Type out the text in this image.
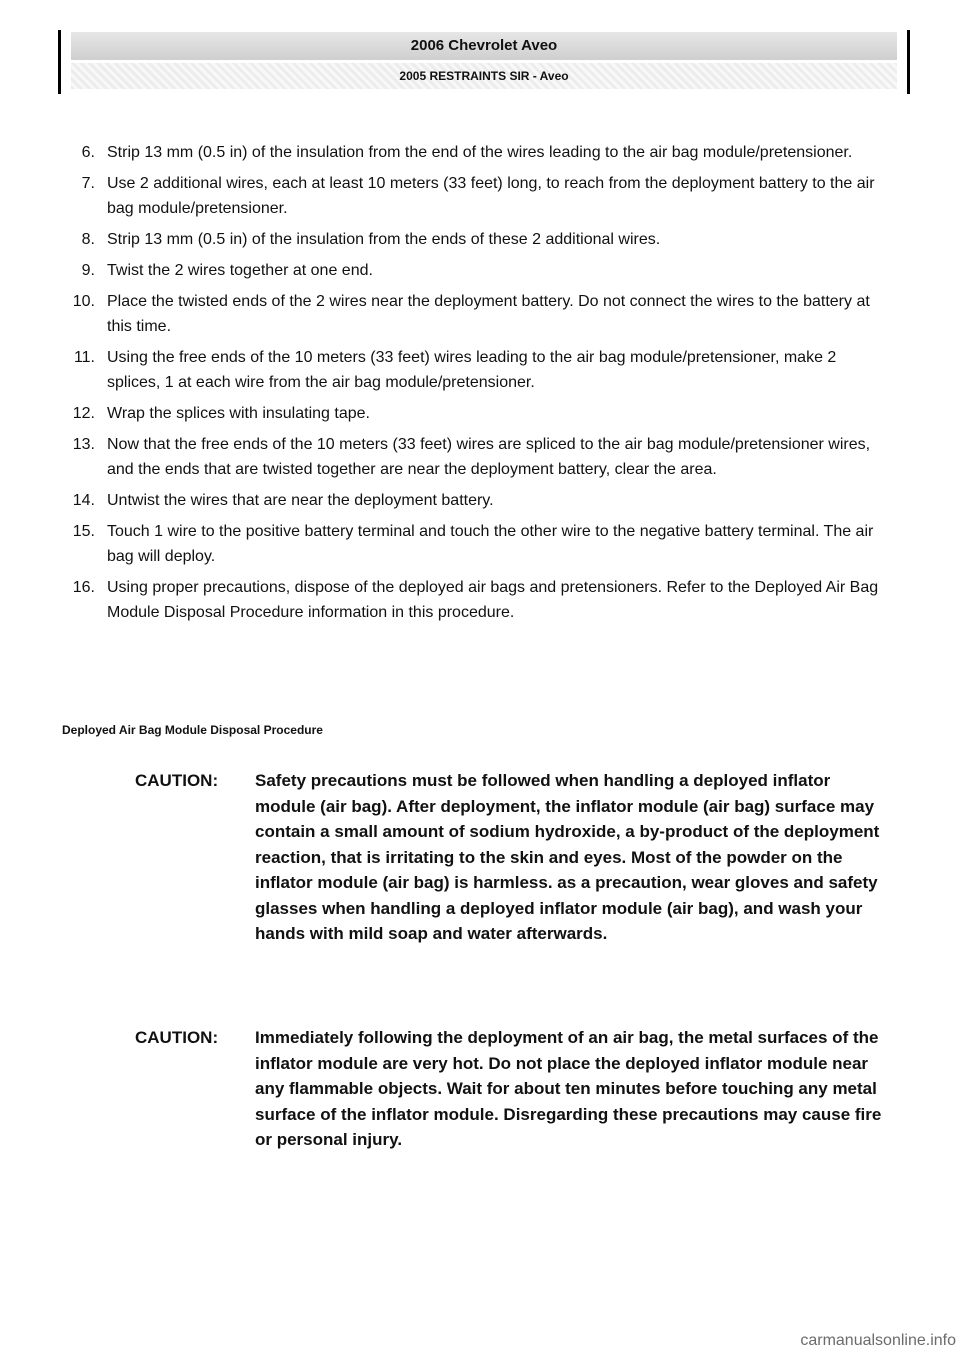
2006 Chevrolet Aveo
2005 RESTRAINTS SIR - Aveo
6. Strip 13 mm (0.5 in) of the insulation from the end of the wires leading to the air bag module/pretensioner.
7. Use 2 additional wires, each at least 10 meters (33 feet) long, to reach from the deployment battery to the air bag module/pretensioner.
8. Strip 13 mm (0.5 in) of the insulation from the ends of these 2 additional wires.
9. Twist the 2 wires together at one end.
10. Place the twisted ends of the 2 wires near the deployment battery. Do not connect the wires to the battery at this time.
11. Using the free ends of the 10 meters (33 feet) wires leading to the air bag module/pretensioner, make 2 splices, 1 at each wire from the air bag module/pretensioner.
12. Wrap the splices with insulating tape.
13. Now that the free ends of the 10 meters (33 feet) wires are spliced to the air bag module/pretensioner wires, and the ends that are twisted together are near the deployment battery, clear the area.
14. Untwist the wires that are near the deployment battery.
15. Touch 1 wire to the positive battery terminal and touch the other wire to the negative battery terminal. The air bag will deploy.
16. Using proper precautions, dispose of the deployed air bags and pretensioners. Refer to the Deployed Air Bag Module Disposal Procedure information in this procedure.
Deployed Air Bag Module Disposal Procedure
CAUTION:	Safety precautions must be followed when handling a deployed inflator module (air bag). After deployment, the inflator module (air bag) surface may contain a small amount of sodium hydroxide, a by-product of the deployment reaction, that is irritating to the skin and eyes. Most of the powder on the inflator module (air bag) is harmless. as a precaution, wear gloves and safety glasses when handling a deployed inflator module (air bag), and wash your hands with mild soap and water afterwards.
CAUTION:	Immediately following the deployment of an air bag, the metal surfaces of the inflator module are very hot. Do not place the deployed inflator module near any flammable objects. Wait for about ten minutes before touching any metal surface of the inflator module. Disregarding these precautions may cause fire or personal injury.
carmanualsonline.info
